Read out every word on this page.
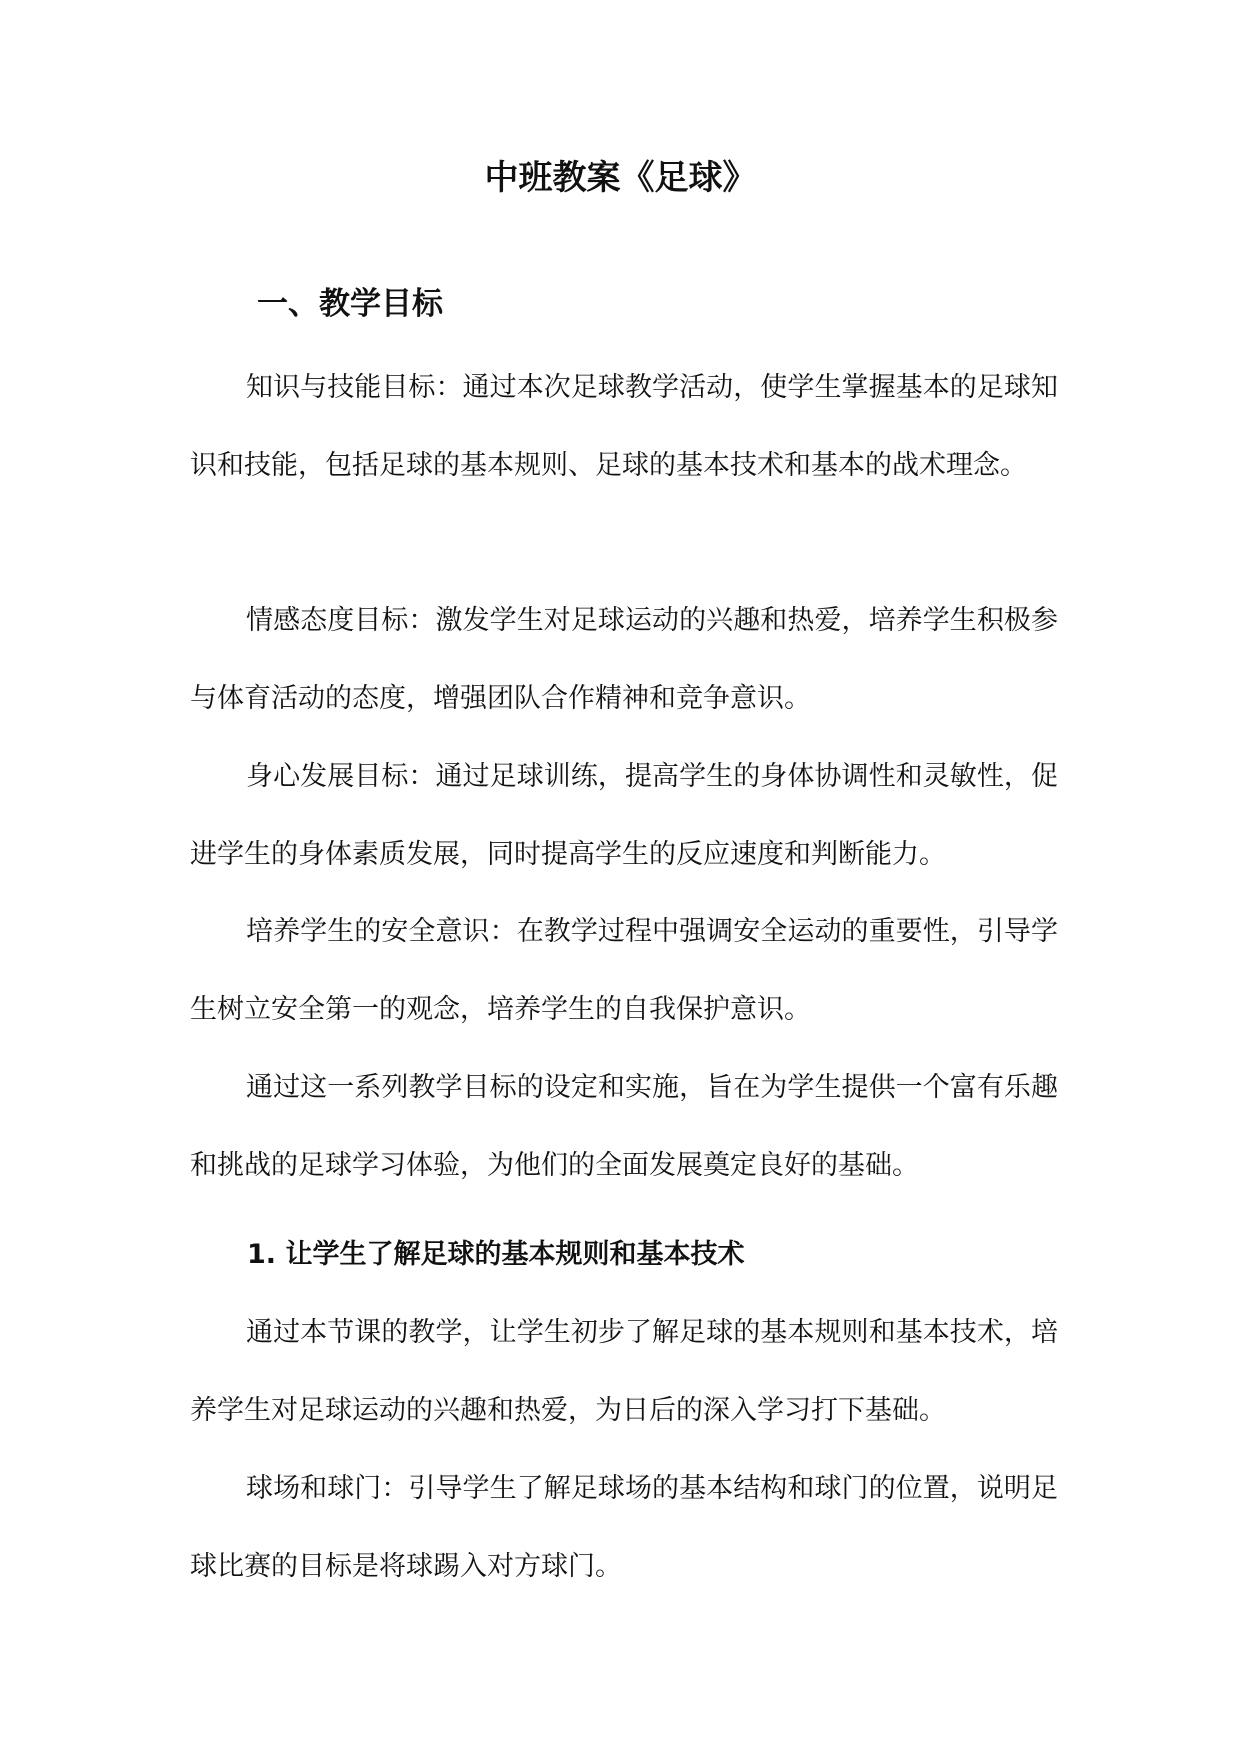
中班教案《足球》
一、教学目标

知识与技能目标：通过本次足球教学活动，使学生掌握基本的足球知识和技能，包括足球的基本规则、足球的基本技术和基本的战术理念。

情感态度目标：激发学生对足球运动的兴趣和热爱，培养学生积极参与体育活动的态度，增强团队合作精神和竞争意识。

身心发展目标：通过足球训练，提高学生的身体协调性和灵敏性，促进学生的身体素质发展，同时提高学生的反应速度和判断能力。

培养学生的安全意识：在教学过程中强调安全运动的重要性，引导学生树立安全第一的观念，培养学生的自我保护意识。

通过这一系列教学目标的设定和实施，旨在为学生提供一个富有乐趣和挑战的足球学习体验，为他们的全面发展奠定良好的基础。

1. 让学生了解足球的基本规则和基本技术

通过本节课的教学，让学生初步了解足球的基本规则和基本技术，培养学生对足球运动的兴趣和热爱，为日后的深入学习打下基础。

球场和球门：引导学生了解足球场的基本结构和球门的位置，说明足球比赛的目标是将球踢入对方球门。
